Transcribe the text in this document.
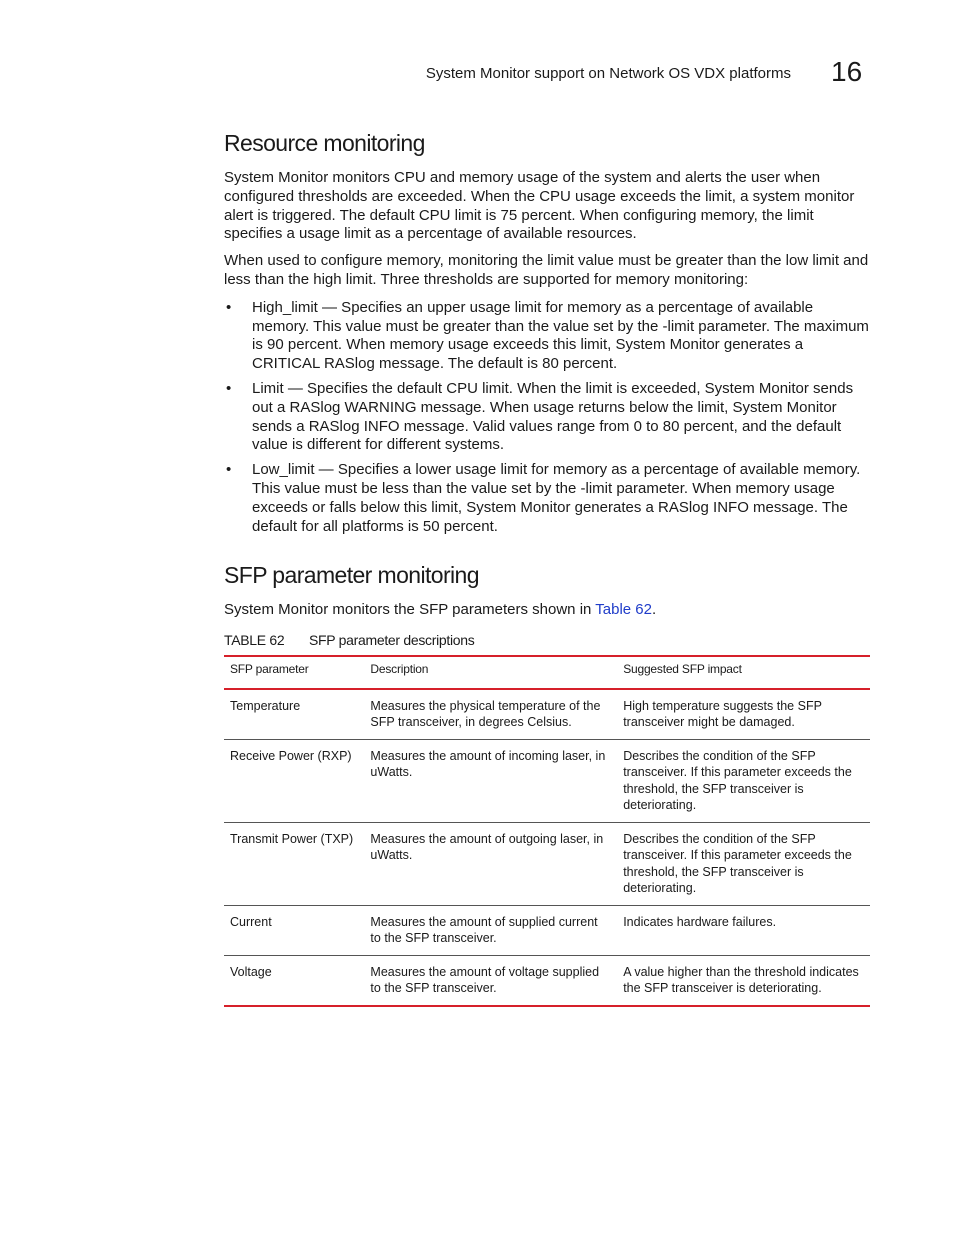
System Monitor support on Network OS VDX platforms 16
Resource monitoring

System Monitor monitors CPU and memory usage of the system and alerts the user when configured thresholds are exceeded. When the CPU usage exceeds the limit, a system monitor alert is triggered. The default CPU limit is 75 percent. When configuring memory, the limit specifies a usage limit as a percentage of available resources.

When used to configure memory, monitoring the limit value must be greater than the low limit and less than the high limit. Three thresholds are supported for memory monitoring:

• High_limit — Specifies an upper usage limit for memory as a percentage of available memory. This value must be greater than the value set by the -limit parameter. The maximum is 90 percent. When memory usage exceeds this limit, System Monitor generates a CRITICAL RASlog message. The default is 80 percent.
• Limit — Specifies the default CPU limit. When the limit is exceeded, System Monitor sends out a RASlog WARNING message. When usage returns below the limit, System Monitor sends a RASlog INFO message. Valid values range from 0 to 80 percent, and the default value is different for different systems.
• Low_limit — Specifies a lower usage limit for memory as a percentage of available memory. This value must be less than the value set by the -limit parameter. When memory usage exceeds or falls below this limit, System Monitor generates a RASlog INFO message. The default for all platforms is 50 percent.
SFP parameter monitoring

System Monitor monitors the SFP parameters shown in Table 62.

TABLE 62 SFP parameter descriptions
SFP parameter	Description	Suggested SFP impact
Temperature	Measures the physical temperature of the SFP transceiver, in degrees Celsius.	High temperature suggests the SFP transceiver might be damaged.
Receive Power (RXP)	Measures the amount of incoming laser, in uWatts.	Describes the condition of the SFP transceiver. If this parameter exceeds the threshold, the SFP transceiver is deteriorating.
Transmit Power (TXP)	Measures the amount of outgoing laser, in uWatts.	Describes the condition of the SFP transceiver. If this parameter exceeds the threshold, the SFP transceiver is deteriorating.
Current	Measures the amount of supplied current to the SFP transceiver.	Indicates hardware failures.
Voltage	Measures the amount of voltage supplied to the SFP transceiver.	A value higher than the threshold indicates the SFP transceiver is deteriorating.
